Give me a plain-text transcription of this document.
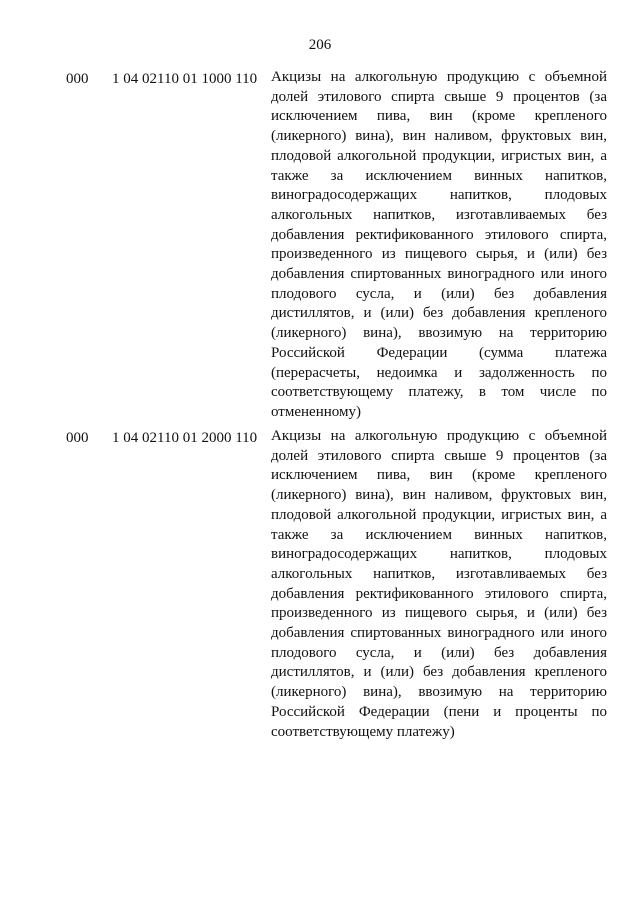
206
000 1 04 02110 01 1000 110 Акцизы на алкогольную продукцию с объемной долей этилового спирта свыше 9 процентов (за исключением пива, вин (кроме крепленого (ликерного) вина), вин наливом, фруктовых вин, плодовой алкогольной продукции, игристых вин, а также за исключением винных напитков, виноградосодержащих напитков, плодовых алкогольных напитков, изготавливаемых без добавления ректификованного этилового спирта, произведенного из пищевого сырья, и (или) без добавления спиртованных виноградного или иного плодового сусла, и (или) без добавления дистиллятов, и (или) без добавления крепленого (ликерного) вина), ввозимую на территорию Российской Федерации (сумма платежа (перерасчеты, недоимка и задолженность по соответствующему платежу, в том числе по отмененному)

000 1 04 02110 01 2000 110 Акцизы на алкогольную продукцию с объемной долей этилового спирта свыше 9 процентов (за исключением пива, вин (кроме крепленого (ликерного) вина), вин наливом, фруктовых вин, плодовой алкогольной продукции, игристых вин, а также за исключением винных напитков, виноградосодержащих напитков, плодовых алкогольных напитков, изготавливаемых без добавления ректификованного этилового спирта, произведенного из пищевого сырья, и (или) без добавления спиртованных виноградного или иного плодового сусла, и (или) без добавления дистиллятов, и (или) без добавления крепленого (ликерного) вина), ввозимую на территорию Российской Федерации (пени и проценты по соответствующему платежу)
